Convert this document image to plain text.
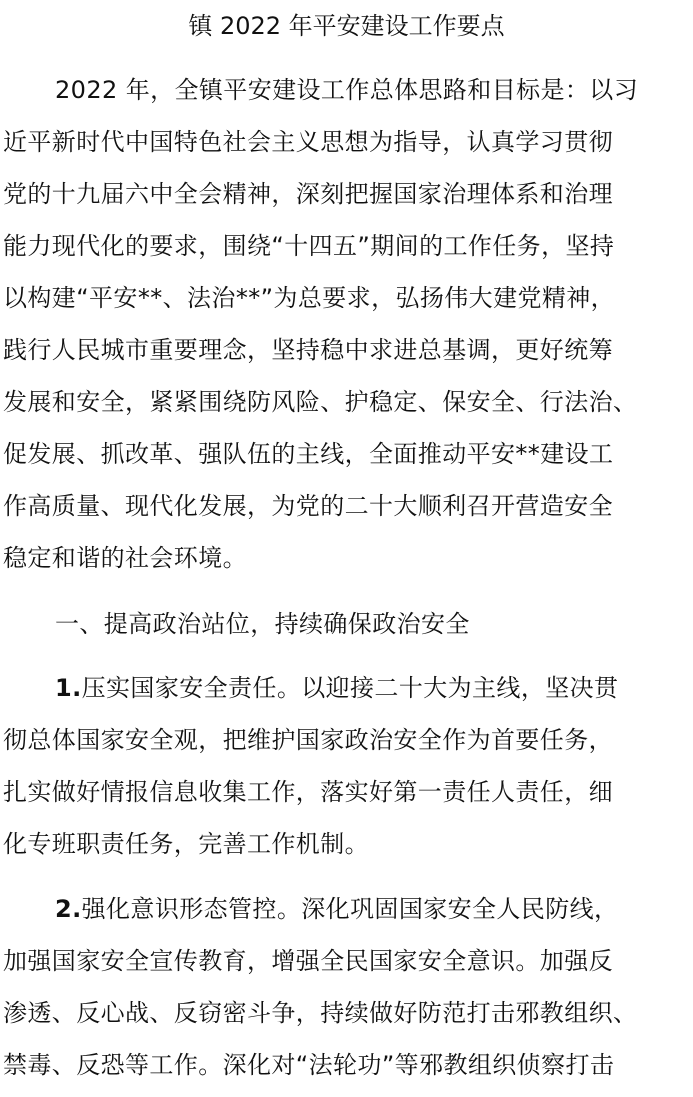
镇 2022 年平安建设工作要点
2022 年，全镇平安建设工作总体思路和目标是：以习
近平新时代中国特色社会主义思想为指导，认真学习贯彻
党的十九届六中全会精神，深刻把握国家治理体系和治理
能力现代化的要求，围绕“十四五”期间的工作任务，坚持
以构建“平安**、法治**”为总要求，弘扬伟大建党精神，
践行人民城市重要理念，坚持稳中求进总基调，更好统筹
发展和安全，紧紧围绕防风险、护稳定、保安全、行法治、
促发展、抓改革、强队伍的主线，全面推动平安**建设工
作高质量、现代化发展，为党的二十大顺利召开营造安全
稳定和谐的社会环境。
一、提高政治站位，持续确保政治安全
1.压实国家安全责任。以迎接二十大为主线，坚决贯
彻总体国家安全观，把维护国家政治安全作为首要任务，
扎实做好情报信息收集工作，落实好第一责任人责任，细
化专班职责任务，完善工作机制。
2.强化意识形态管控。深化巩固国家安全人民防线，
加强国家安全宣传教育，增强全民国家安全意识。加强反
渗透、反心战、反窃密斗争，持续做好防范打击邪教组织、
禁毒、反恐等工作。深化对“法轮功”等邪教组织侦察打击
